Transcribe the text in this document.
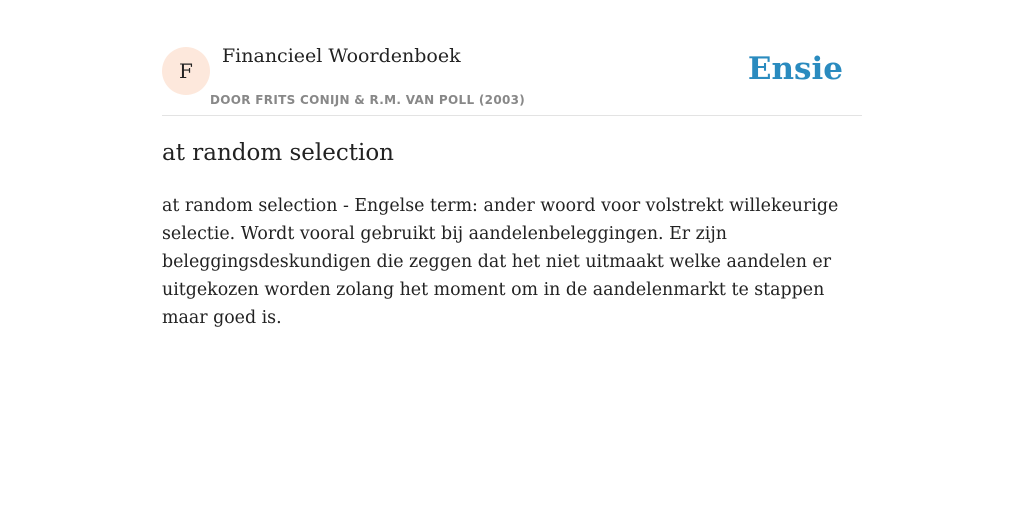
F
Financieel Woordenboek
DOOR FRITS CONIJN & R.M. VAN POLL (2003)
Ensie
at random selection

at random selection - Engelse term: ander woord voor volstrekt willekeurige selectie. Wordt vooral gebruikt bij aandelenbeleggingen. Er zijn beleggingsdeskundigen die zeggen dat het niet uitmaakt welke aandelen er uitgekozen worden zolang het moment om in de aandelenmarkt te stappen maar goed is.
